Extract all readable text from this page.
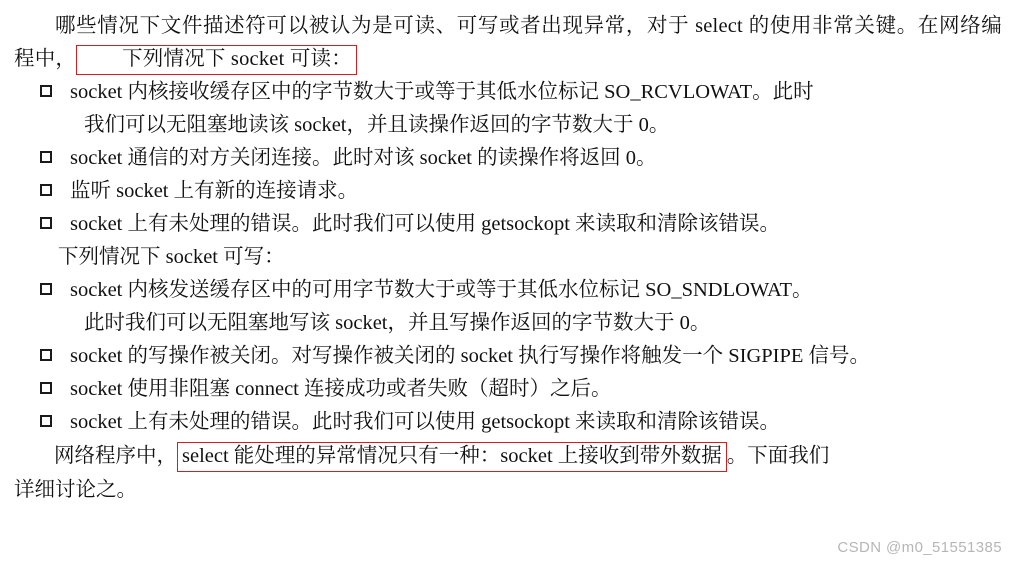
哪些情况下文件描述符可以被认为是可读、可写或者出现异常，对于 select 的使用非常关键。在网络编程中， 下列情况下 socket 可读：

socket 内核接收缓存区中的字节数大于或等于其低水位标记 SO_RCVLOWAT。此时
我们可以无阻塞地读该 socket，并且读操作返回的字节数大于 0。
socket 通信的对方关闭连接。此时对该 socket 的读操作将返回 0。
监听 socket 上有新的连接请求。
socket 上有未处理的错误。此时我们可以使用 getsockopt 来读取和清除该错误。
下列情况下 socket 可写：
socket 内核发送缓存区中的可用字节数大于或等于其低水位标记 SO_SNDLOWAT。
此时我们可以无阻塞地写该 socket，并且写操作返回的字节数大于 0。
socket 的写操作被关闭。对写操作被关闭的 socket 执行写操作将触发一个 SIGPIPE 信号。
socket 使用非阻塞 connect 连接成功或者失败（超时）之后。
socket 上有未处理的错误。此时我们可以使用 getsockopt 来读取和清除该错误。
网络程序中， select 能处理的异常情况只有一种：socket 上接收到带外数据 。下面我们
详细讨论之。
CSDN @m0_51551385
